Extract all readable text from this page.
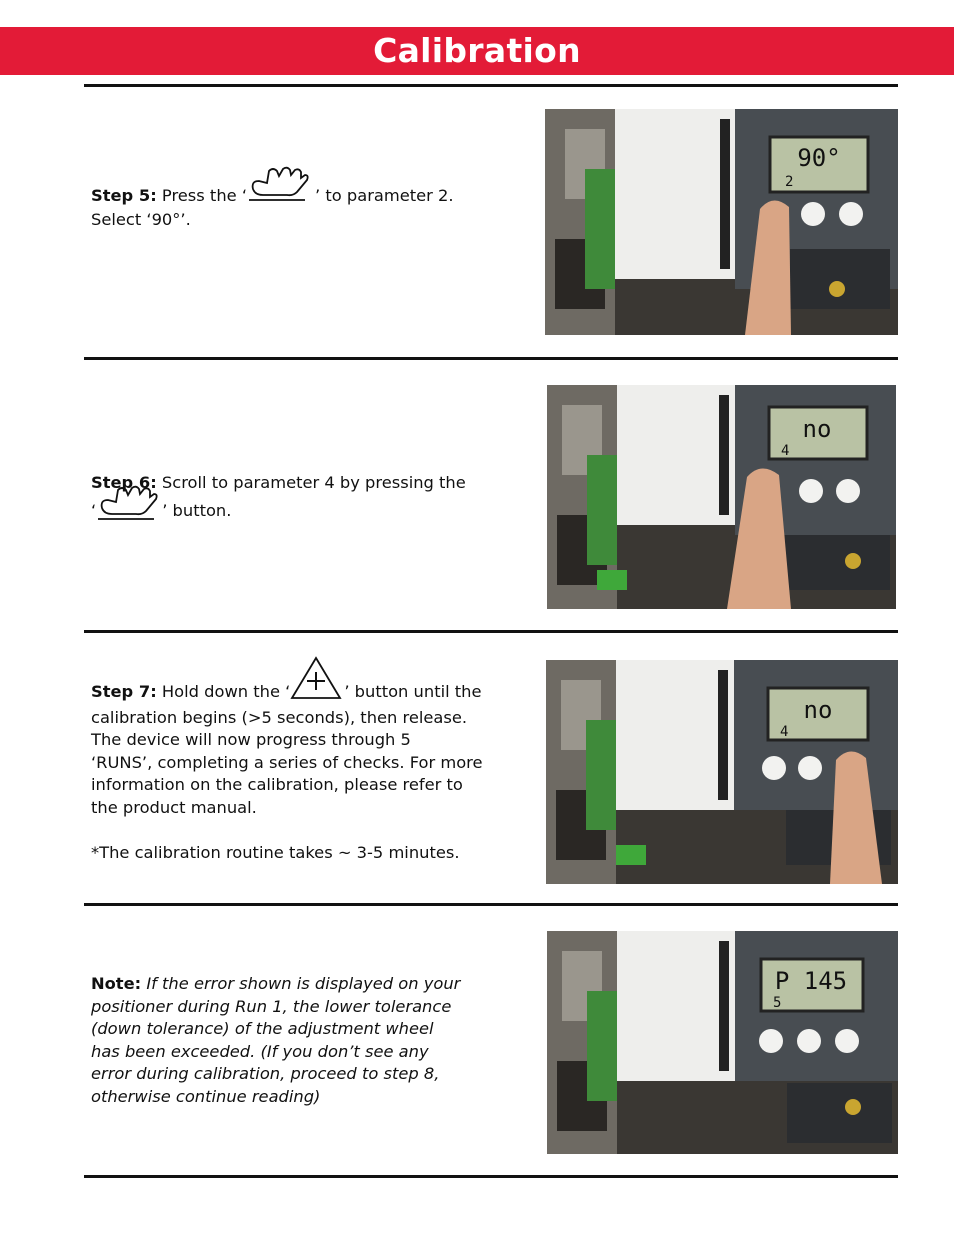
Calibration
Step 5: Press the ‘	’ to parameter 2.
Select ‘90°’.
90°
2
Step 6: Scroll to parameter 4 by pressing the
‘	’ button.
no
4
Step 7: Hold down the ‘	’ button until the
calibration begins (>5 seconds), then release.
The device will now progress through 5
‘RUNS’, completing a series of checks. For more
information on the calibration, please refer to
the product manual.
*The calibration routine takes ~ 3-5 minutes.
no
4
Note: If the error shown is displayed on your
positioner during Run 1, the lower tolerance
(down tolerance) of the adjustment wheel
has been exceeded. (If you don’t see any
error during calibration, proceed to step 8,
otherwise continue reading)
P 145
5
